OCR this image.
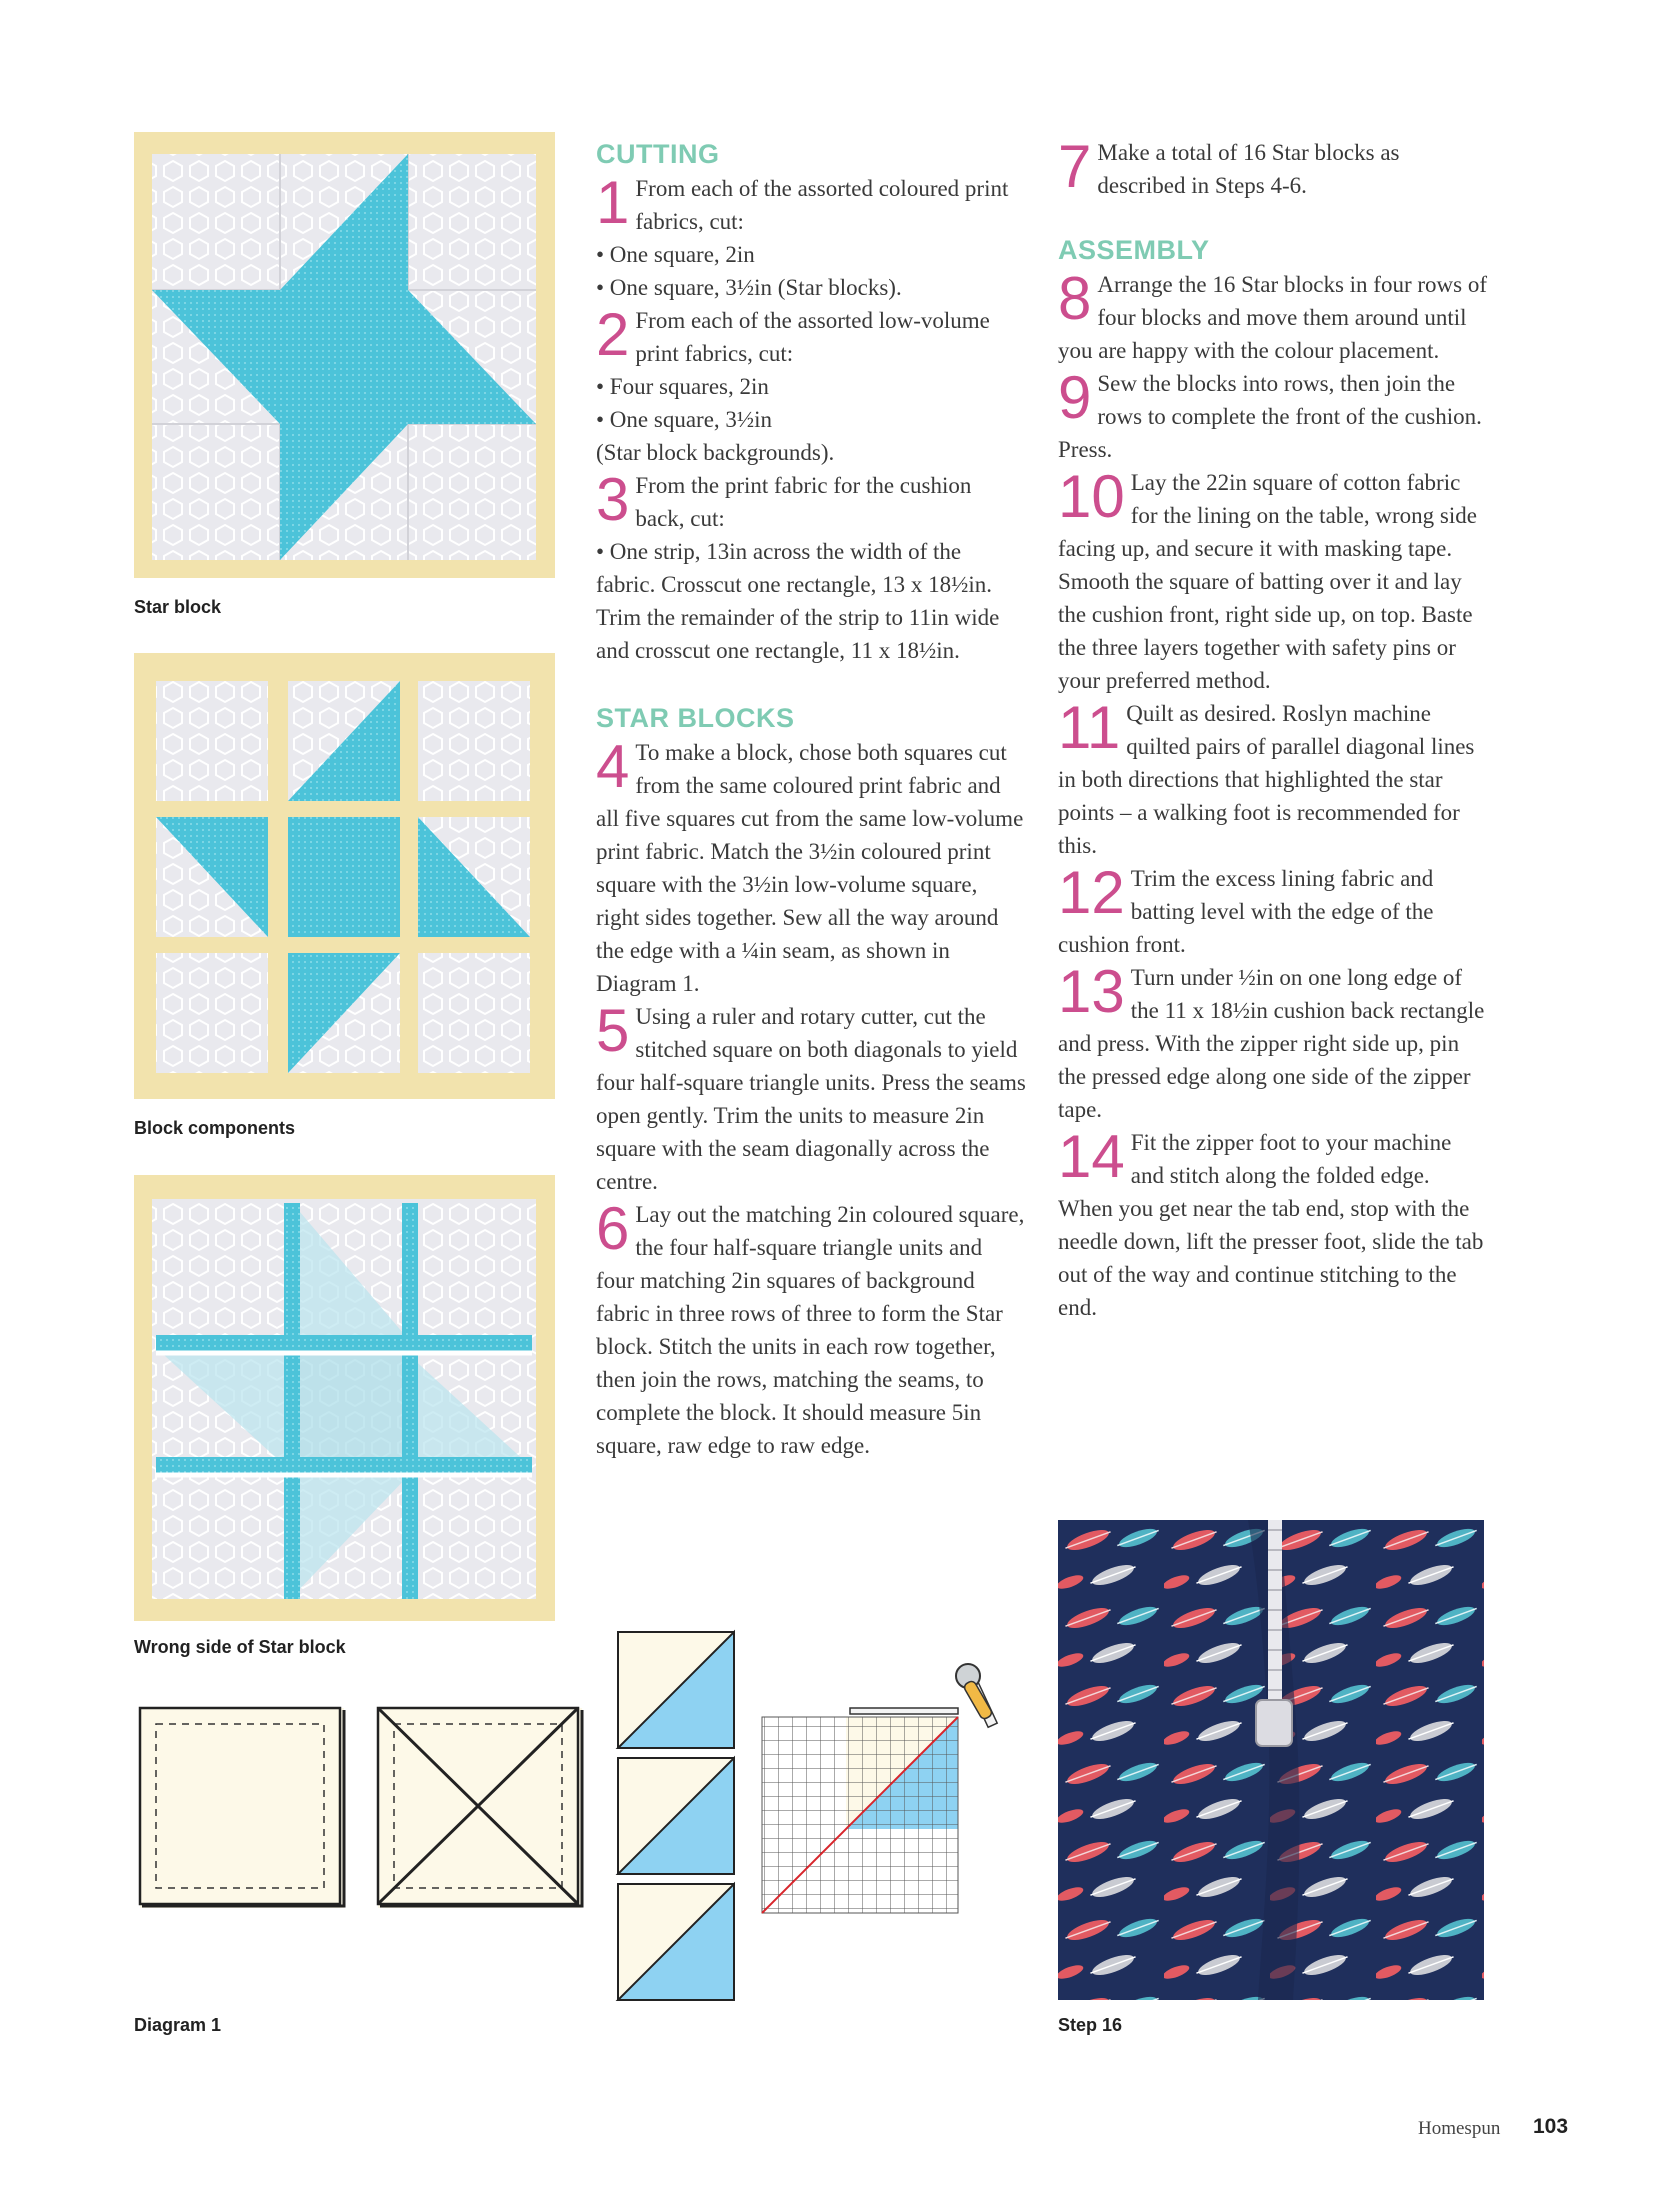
Star block
Block components
Wrong side of Star block
Diagram 1
CUTTING

1 From each of the assorted coloured print fabrics, cut:

• One square, 2in

• One square, 3½in (Star blocks).

2 From each of the assorted low-volume print fabrics, cut:

• Four squares, 2in

• One square, 3½in

(Star block backgrounds).

3 From the print fabric for the cushion back, cut:

• One strip, 13in across the width of the fabric. Crosscut one rectangle, 13 x 18½in. Trim the remainder of the strip to 11in wide and crosscut one rectangle, 11 x 18½in.

STAR BLOCKS

4 To make a block, chose both squares cut from the same coloured print fabric and all five squares cut from the same low-volume print fabric. Match the 3½in coloured print square with the 3½in low-volume square, right sides together. Sew all the way around the edge with a ¼in seam, as shown in Diagram 1.

5 Using a ruler and rotary cutter, cut the stitched square on both diagonals to yield four half-square triangle units. Press the seams open gently. Trim the units to measure 2in square with the seam diagonally across the centre.

6 Lay out the matching 2in coloured square, the four half-square triangle units and four matching 2in squares of background fabric in three rows of three to form the Star block. Stitch the units in each row together, then join the rows, matching the seams, to complete the block. It should measure 5in square, raw edge to raw edge.

7 Make a total of 16 Star blocks as described in Steps 4-6.

ASSEMBLY

8 Arrange the 16 Star blocks in four rows of four blocks and move them around until you are happy with the colour placement.

9 Sew the blocks into rows, then join the rows to complete the front of the cushion. Press.

10 Lay the 22in square of cotton fabric for the lining on the table, wrong side facing up, and secure it with masking tape. Smooth the square of batting over it and lay the cushion front, right side up, on top. Baste the three layers together with safety pins or your preferred method.

11 Quilt as desired. Roslyn machine quilted pairs of parallel diagonal lines in both directions that highlighted the star points – a walking foot is recommended for this.

12 Trim the excess lining fabric and batting level with the edge of the cushion front.

13 Turn under ½in on one long edge of the 11 x 18½in cushion back rectangle and press. With the zipper right side up, pin the pressed edge along one side of the zipper tape.

14 Fit the zipper foot to your machine and stitch along the folded edge. When you get near the tab end, stop with the needle down, lift the presser foot, slide the tab out of the way and continue stitching to the end.

Step 16
Homespun 103
